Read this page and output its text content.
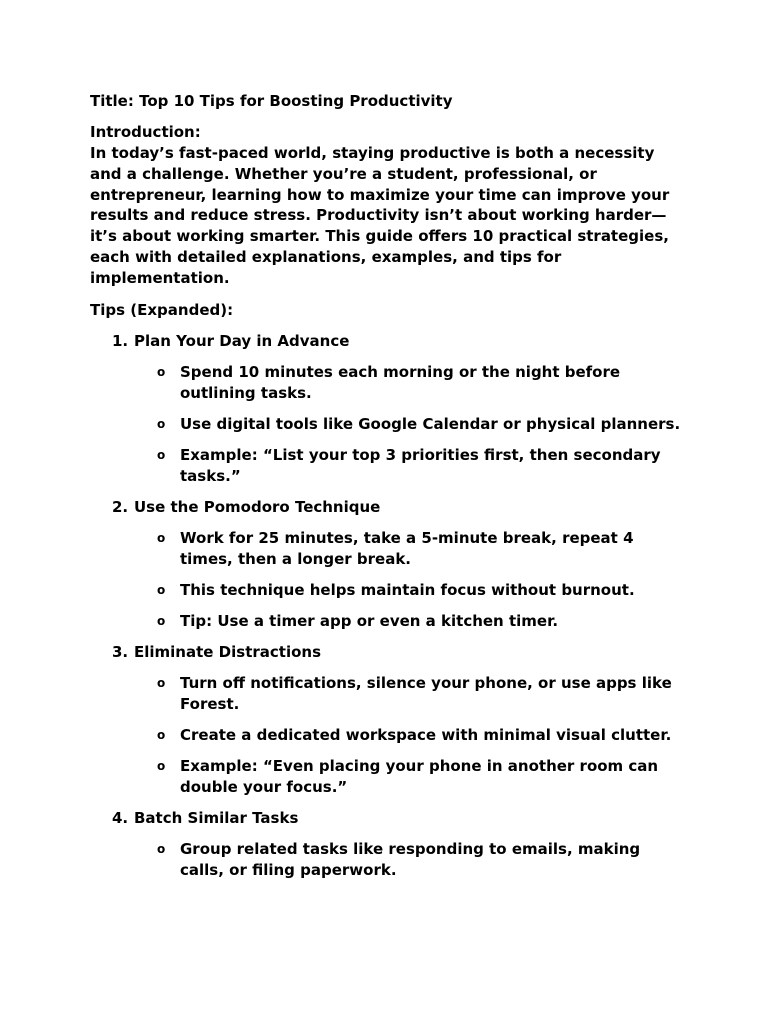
Title: Top 10 Tips for Boosting Productivity

Introduction:

In today’s fast-paced world, staying productive is both a necessity and a challenge. Whether you’re a student, professional, or entrepreneur, learning how to maximize your time can improve your results and reduce stress. Productivity isn’t about working harder—it’s about working smarter. This guide offers 10 practical strategies, each with detailed explanations, examples, and tips for implementation.

Tips (Expanded):

1. Plan Your Day in Advance
o Spend 10 minutes each morning or the night before outlining tasks.
o Use digital tools like Google Calendar or physical planners.
o Example: “List your top 3 priorities first, then secondary tasks.”
2. Use the Pomodoro Technique
o Work for 25 minutes, take a 5-minute break, repeat 4 times, then a longer break.
o This technique helps maintain focus without burnout.
o Tip: Use a timer app or even a kitchen timer.
3. Eliminate Distractions
o Turn off notifications, silence your phone, or use apps like Forest.
o Create a dedicated workspace with minimal visual clutter.
o Example: “Even placing your phone in another room can double your focus.”
4. Batch Similar Tasks
o Group related tasks like responding to emails, making calls, or filing paperwork.
